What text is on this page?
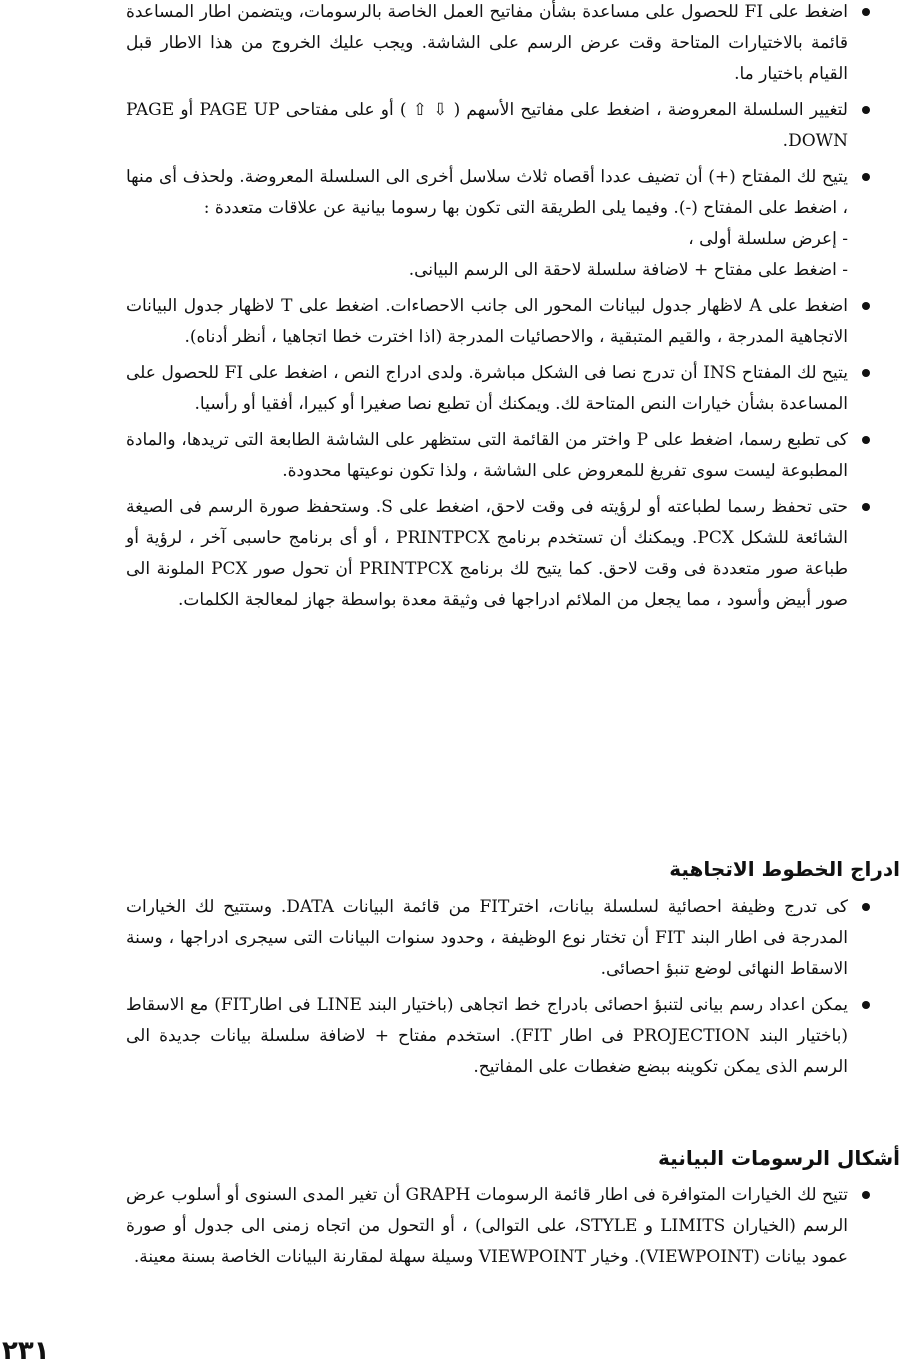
اضغط على FI للحصول على مساعدة بشأن مفاتيح العمل الخاصة بالرسومات، ويتضمن اطار المساعدة قائمة بالاختيارات المتاحة وقت عرض الرسم على الشاشة. ويجب عليك الخروج من هذا الاطار قبل القيام باختيار ما.

لتغيير السلسلة المعروضة ، اضغط على مفاتيح الأسهم ( ⇩ ⇧ ) أو على مفتاحى PAGE UP أو PAGE DOWN.

يتيح لك المفتاح (+) أن تضيف عددا أقصاه ثلاث سلاسل أخرى الى السلسلة المعروضة. ولحذف أى منها ، اضغط على المفتاح (-). وفيما يلى الطريقة التى تكون بها رسوما بيانية عن علاقات متعددة :
- إعرض سلسلة أولى ،
- اضغط على مفتاح + لاضافة سلسلة لاحقة الى الرسم البيانى.

اضغط على A لاظهار جدول لبيانات المحور الى جانب الاحصاءات. اضغط على T لاظهار جدول البيانات الاتجاهية المدرجة ، والقيم المتبقية ، والاحصائيات المدرجة (اذا اخترت خطا اتجاهيا ، أنظر أدناه).

يتيح لك المفتاح INS أن تدرج نصا فى الشكل مباشرة. ولدى ادراج النص ، اضغط على FI للحصول على المساعدة بشأن خيارات النص المتاحة لك. ويمكنك أن تطبع نصا صغيرا أو كبيرا، أفقيا أو رأسيا.

كى تطبع رسما، اضغط على P واختر من القائمة التى ستظهر على الشاشة الطابعة التى تريدها، والمادة المطبوعة ليست سوى تفريغ للمعروض على الشاشة ، ولذا تكون نوعيتها محدودة.

حتى تحفظ رسما لطباعته أو لرؤيته فى وقت لاحق، اضغط على S. وستحفظ صورة الرسم فى الصيغة الشائعة للشكل PCX. ويمكنك أن تستخدم برنامج PRINTPCX ، أو أى برنامج حاسبى آخر ، لرؤية أو طباعة صور متعددة فى وقت لاحق. كما يتيح لك برنامج PRINTPCX أن تحول صور PCX الملونة الى صور أبيض وأسود ، مما يجعل من الملائم ادراجها فى وثيقة معدة بواسطة جهاز لمعالجة الكلمات.

ادراج الخطوط الاتجاهية

كى تدرج وظيفة احصائية لسلسلة بيانات، اخترFIT من قائمة البيانات DATA. وستتيح لك الخيارات المدرجة فى اطار البند FIT أن تختار نوع الوظيفة ، وحدود سنوات البيانات التى سيجرى ادراجها ، وسنة الاسقاط النهائى لوضع تنبؤ احصائى.

يمكن اعداد رسم بيانى لتنبؤ احصائى بادراج خط اتجاهى (باختيار البند LINE فى اطارFIT) مع الاسقاط (باختيار البند PROJECTION فى اطار FIT). استخدم مفتاح + لاضافة سلسلة بيانات جديدة الى الرسم الذى يمكن تكوينه ببضع ضغطات على المفاتيح.

أشكال الرسومات البيانية

تتيح لك الخيارات المتوافرة فى اطار قائمة الرسومات GRAPH أن تغير المدى السنوى أو أسلوب عرض الرسم (الخياران LIMITS و STYLE، على التوالى) ، أو التحول من اتجاه زمنى الى جدول أو صورة عمود بيانات (VIEWPOINT). وخيار VIEWPOINT وسيلة سهلة لمقارنة البيانات الخاصة بسنة معينة.

٢٣١
